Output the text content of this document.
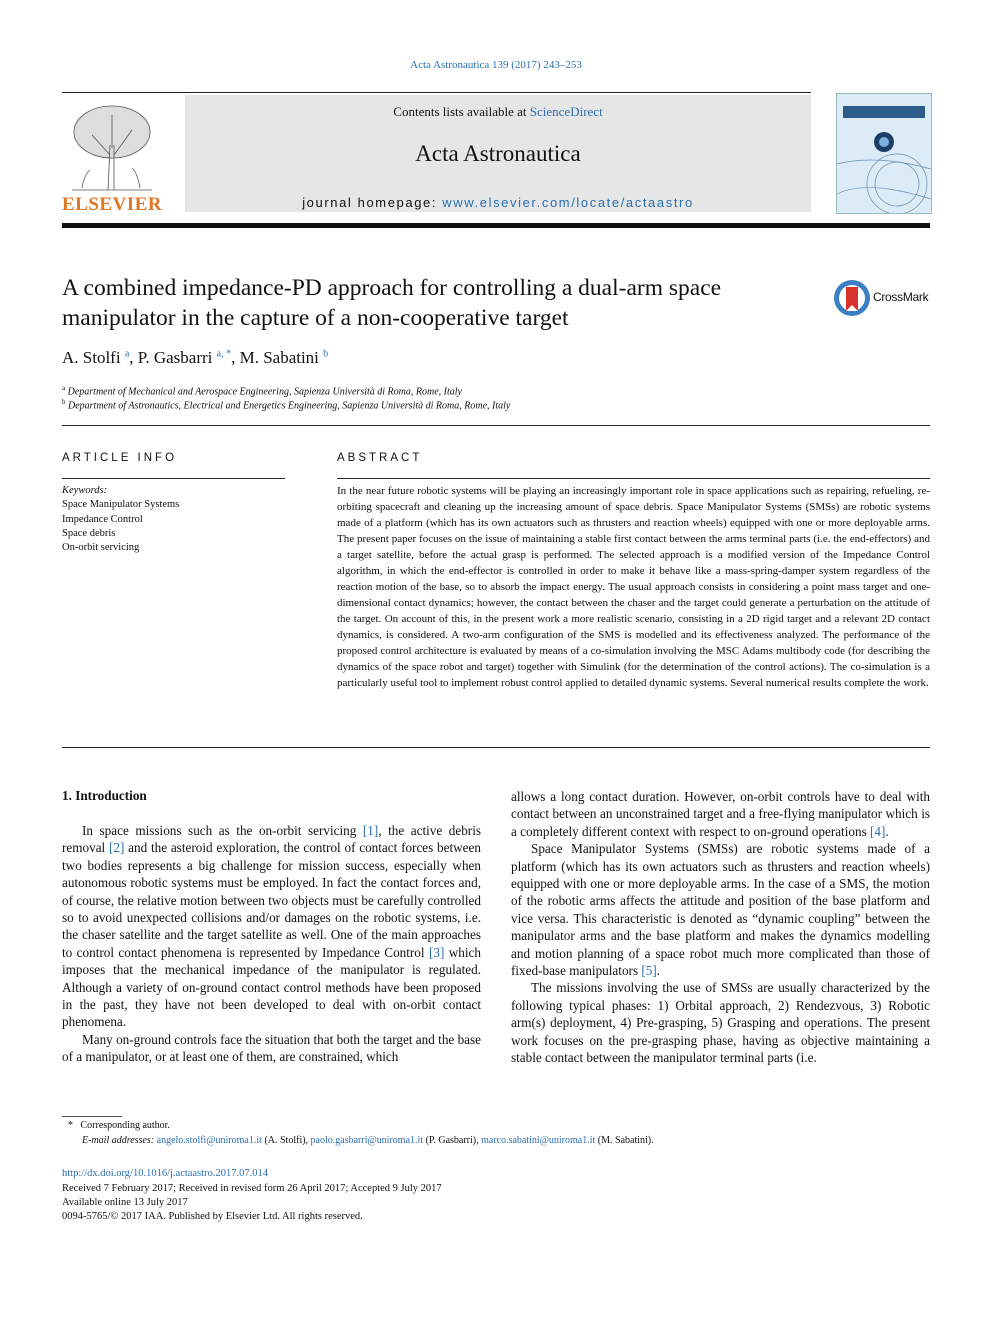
Acta Astronautica 139 (2017) 243–253
ELSEVIER
Contents lists available at ScienceDirect
Acta Astronautica
journal homepage: www.elsevier.com/locate/actaastro
A combined impedance-PD approach for controlling a dual-arm space
manipulator in the capture of a non-cooperative target
CrossMark
A. Stolfi $^a$, P. Gasbarri $^{a, *}$, M. Sabatini $^b$
$^a$ Department of Mechanical and Aerospace Engineering, Sapienza Università di Roma, Rome, Italy
$^b$ Department of Astronautics, Electrical and Energetics Engineering, Sapienza Università di Roma, Rome, Italy
ARTICLE INFO
Keywords:
Space Manipulator Systems
Impedance Control
Space debris
On-orbit servicing
ABSTRACT
In the near future robotic systems will be playing an increasingly important role in space applications such as repairing, refueling, re-orbiting spacecraft and cleaning up the increasing amount of space debris. Space Manipulator Systems (SMSs) are robotic systems made of a platform (which has its own actuators such as thrusters and reaction wheels) equipped with one or more deployable arms. The present paper focuses on the issue of maintaining a stable first contact between the arms terminal parts (i.e. the end-effectors) and a target satellite, before the actual grasp is performed. The selected approach is a modified version of the Impedance Control algorithm, in which the end-effector is controlled in order to make it behave like a mass-spring-damper system regardless of the reaction motion of the base, so to absorb the impact energy. The usual approach consists in considering a point mass target and one-dimensional contact dynamics; however, the contact between the chaser and the target could generate a perturbation on the attitude of the target. On account of this, in the present work a more realistic scenario, consisting in a 2D rigid target and a relevant 2D contact dynamics, is considered. A two-arm configuration of the SMS is modelled and its effectiveness analyzed. The performance of the proposed control architecture is evaluated by means of a co-simulation involving the MSC Adams multibody code (for describing the dynamics of the space robot and target) together with Simulink (for the determination of the control actions). The co-simulation is a particularly useful tool to implement robust control applied to detailed dynamic systems. Several numerical results complete the work.
1. Introduction

In space missions such as the on-orbit servicing [1], the active debris removal [2] and the asteroid exploration, the control of contact forces between two bodies represents a big challenge for mission success, especially when autonomous robotic systems must be employed. In fact the contact forces and, of course, the relative motion between two objects must be carefully controlled so to avoid unexpected collisions and/or damages on the robotic systems, i.e. the chaser satellite and the target satellite as well. One of the main approaches to control contact phenomena is represented by Impedance Control [3] which imposes that the mechanical impedance of the manipulator is regulated. Although a variety of on-ground contact control methods have been proposed in the past, they have not been developed to deal with on-orbit contact phenomena.

Many on-ground controls face the situation that both the target and the base of a manipulator, or at least one of them, are constrained, which

allows a long contact duration. However, on-orbit controls have to deal with contact between an unconstrained target and a free-flying manipulator which is a completely different context with respect to on-ground operations [4].

Space Manipulator Systems (SMSs) are robotic systems made of a platform (which has its own actuators such as thrusters and reaction wheels) equipped with one or more deployable arms. In the case of a SMS, the motion of the robotic arms affects the attitude and position of the base platform and vice versa. This characteristic is denoted as “dynamic coupling” between the manipulator arms and the base platform and makes the dynamics modelling and motion planning of a space robot much more complicated than those of fixed-base manipulators [5].

The missions involving the use of SMSs are usually characterized by the following typical phases: 1) Orbital approach, 2) Rendezvous, 3) Robotic arm(s) deployment, 4) Pre-grasping, 5) Grasping and operations. The present work focuses on the pre-grasping phase, having as objective maintaining a stable contact between the manipulator terminal parts (i.e.

* Corresponding author.
E-mail addresses: angelo.stolfi@uniroma1.it (A. Stolfi), paolo.gasbarri@uniroma1.it (P. Gasbarri), marco.sabatini@uniroma1.it (M. Sabatini).
http://dx.doi.org/10.1016/j.actaastro.2017.07.014
Received 7 February 2017; Received in revised form 26 April 2017; Accepted 9 July 2017
Available online 13 July 2017
0094-5765/© 2017 IAA. Published by Elsevier Ltd. All rights reserved.
